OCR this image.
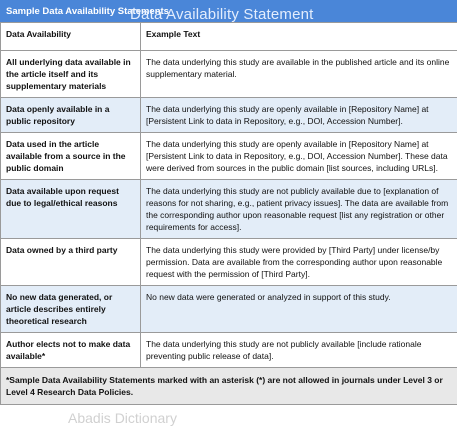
Sample Data Availability Statements
Data Availability Statement
Data Availability	Example Text
All underlying data available in the article itself and its supplementary materials	The data underlying this study are available in the published article and its online supplementary material.
Data openly available in a public repository	The data underlying this study are openly available in [Repository Name] at [Persistent Link to data in Repository, e.g., DOI, Accession Number].
Data used in the article available from a source in the public domain	The data underlying this study are openly available in [Repository Name] at [Persistent Link to data in Repository, e.g., DOI, Accession Number]. These data were derived from sources in the public domain [list sources, including URLs].
Data available upon request due to legal/ethical reasons	The data underlying this study are not publicly available due to [explanation of reasons for not sharing, e.g., patient privacy issues]. The data are available from the corresponding author upon reasonable request [list any registration or other requirements for access].
Data owned by a third party	The data underlying this study were provided by [Third Party] under license/by permission. Data are available from the corresponding author upon reasonable request with the permission of [Third Party].
No new data generated, or article describes entirely theoretical research	No new data were generated or analyzed in support of this study.
Author elects not to make data available*	The data underlying this study are not publicly available [include rationale preventing public release of data].
*Sample Data Availability Statements marked with an asterisk (*) are not allowed in journals under Level 3 or Level 4 Research Data Policies.	
Abadis Dictionary
